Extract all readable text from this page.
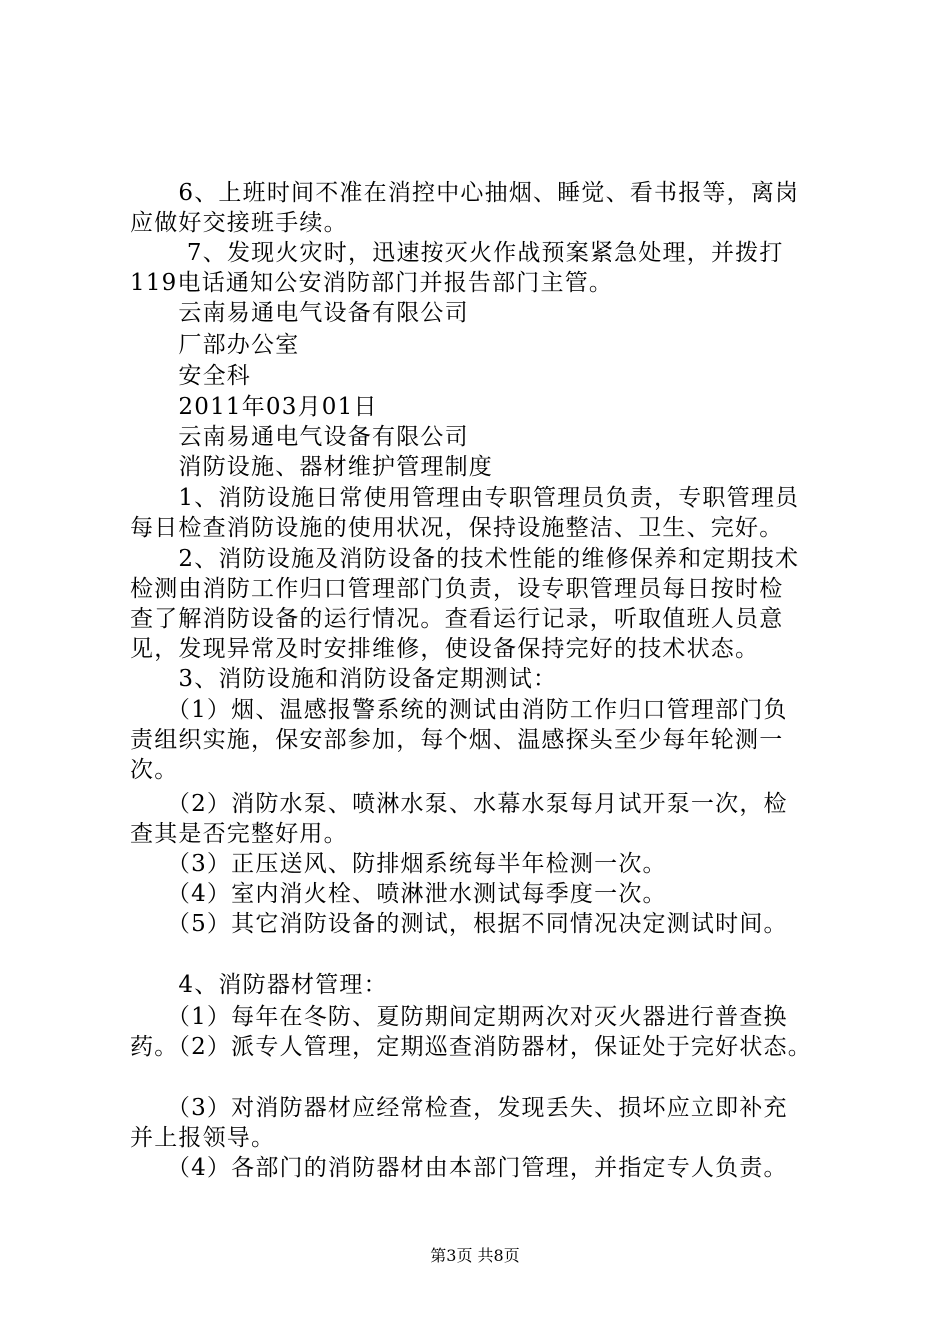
　　6、上班时间不准在消控中心抽烟、睡觉、看书报等，离岗
应做好交接班手续。
　　 7、发现火灾时，迅速按灭火作战预案紧急处理，并拨打
119电话通知公安消防部门并报告部门主管。
　　云南易通电气设备有限公司
　　厂部办公室
　　安全科
　　2011年03月01日
　　云南易通电气设备有限公司
　　消防设施、器材维护管理制度
　　1、消防设施日常使用管理由专职管理员负责，专职管理员
每日检查消防设施的使用状况，保持设施整洁、卫生、完好。
　　2、消防设施及消防设备的技术性能的维修保养和定期技术
检测由消防工作归口管理部门负责，设专职管理员每日按时检
查了解消防设备的运行情况。查看运行记录，听取值班人员意
见，发现异常及时安排维修，使设备保持完好的技术状态。
　　3、消防设施和消防设备定期测试：
　　（1）烟、温感报警系统的测试由消防工作归口管理部门负
责组织实施，保安部参加，每个烟、温感探头至少每年轮测一
次。
　　（2）消防水泵、喷淋水泵、水幕水泵每月试开泵一次，检
查其是否完整好用。
　　（3）正压送风、防排烟系统每半年检测一次。
　　（4）室内消火栓、喷淋泄水测试每季度一次。
　　（5）其它消防设备的测试，根据不同情况决定测试时间。
　　4、消防器材管理：
　　（1）每年在冬防、夏防期间定期两次对灭火器进行普查换
药。（2）派专人管理，定期巡查消防器材，保证处于完好状态。
　　（3）对消防器材应经常检查，发现丢失、损坏应立即补充
并上报领导。
　　（4）各部门的消防器材由本部门管理，并指定专人负责。
第3页 共8页
